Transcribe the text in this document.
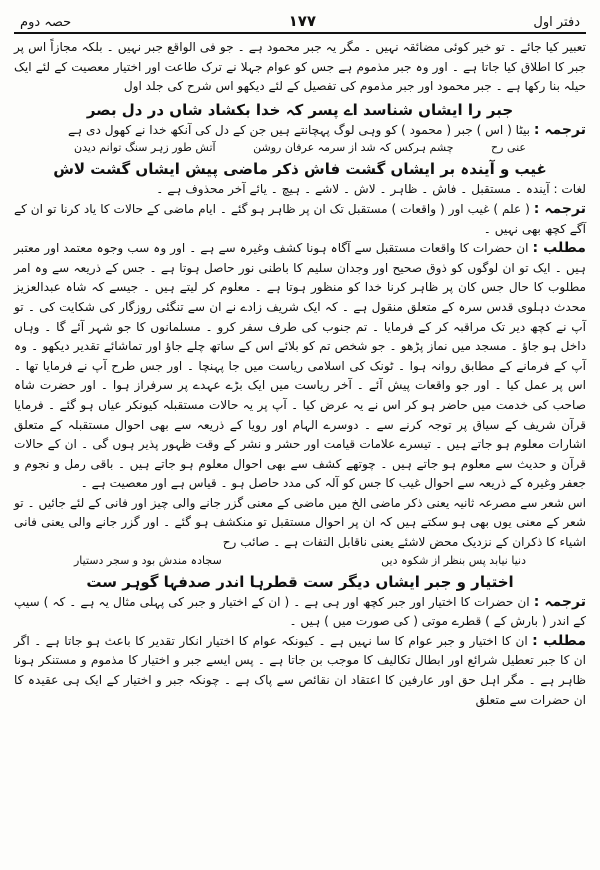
دفتر اول
۱۷۷
حصہ دوم

تعبیر کیا جائے ۔ تو خیر کوئی مضائقہ نہیں ۔ مگر یہ جبر محمود ہے ۔ جو فی الواقع جبر نہیں ۔ بلکہ مجازاً اس پر جبر کا اطلاق کیا جاتا ہے ۔ اور وہ جبر مذموم ہے جس کو عوام جہلا نے ترک طاعت اور اختیار معصیت کے لئے ایک حیلہ بنا رکھا ہے ۔ جبر محمود اور جبر مذموم کی تفصیل کے لئے دیکھو اس شرح کی جلد اول

جبر را ایشاں شناسد اے پسر کہ خدا بکشاد شاں در دل بصر

ترجمہ : بیٹا ( اس ) جبر ( محمود ) کو وہی لوگ پہچانتے ہیں جن کے دل کی آنکھ خدا نے کھول دی ہے

عنی رح
چشم ہرکس کہ شد از سرمہ عرفان روشن
آتش طور زہر سنگ توانم دیدن
غیب و آیندہ بر ایشاں گشت فاش ذکر ماضی پیش ایشاں گشت لاش

لغات : آیندہ ۔ مستقبل ۔ فاش ۔ ظاہر ۔ لاش ۔ لاشے ۔ ہیچ ۔ یائے آخر محذوف ہے ۔

ترجمہ : ( علم ) غیب اور ( واقعات ) مستقبل تک ان پر ظاہر ہو گئے ۔ ایام ماضی کے حالات کا یاد کرنا تو ان کے آگے کچھ بھی نہیں ۔

مطلب : ان حضرات کا واقعات مستقبل سے آگاہ ہونا کشف وغیرہ سے ہے ۔ اور وہ سب وجوہ معتمد اور معتبر ہیں ۔ ایک تو ان لوگوں کو ذوق صحیح اور وجدان سلیم کا باطنی نور حاصل ہوتا ہے ۔ جس کے ذریعہ سے وہ امر مطلوب کا حال جس کان پر ظاہر کرنا خدا کو منظور ہوتا ہے ۔ معلوم کر لیتے ہیں ۔ جیسے کہ شاہ عبدالعزیز محدث دہلوی قدس سرہ کے متعلق منقول ہے ۔ کہ ایک شریف زادے نے ان سے تنگئی روزگار کی شکایت کی ۔ تو آپ نے کچھ دیر تک مراقبہ کر کے فرمایا ۔ تم جنوب کی طرف سفر کرو ۔ مسلمانوں کا جو شہر آئے گا ۔ وہاں داخل ہو جاؤ ۔ مسجد میں نماز پڑھو ۔ جو شخص تم کو بلائے اس کے ساتھ چلے جاؤ اور تماشائے تقدیر دیکھو ۔ وہ آپ کے فرمانے کے مطابق روانہ ہوا ۔ ٹونک کی اسلامی ریاست میں جا پہنچا ۔ اور جس طرح آپ نے فرمایا تھا ۔ اس پر عمل کیا ۔ اور جو واقعات پیش آئے ۔ آخر ریاست میں ایک بڑے عہدے پر سرفراز ہوا ۔ اور حضرت شاہ صاحب کی خدمت میں حاضر ہو کر اس نے یہ عرض کیا ۔ آپ پر یہ حالات مستقبلہ کیونکر عیاں ہو گئے ۔ فرمایا قرآن شریف کے سیاق پر توجہ کرنے سے ۔ دوسرے الہام اور رویا کے ذریعہ سے بھی احوال مستقبلہ کے متعلق اشارات معلوم ہو جاتے ہیں ۔ تیسرے علامات قیامت اور حشر و نشر کے وقت ظہور پذیر ہوں گی ۔ ان کے حالات قرآن و حدیث سے معلوم ہو جاتے ہیں ۔ چوتھے کشف سے بھی احوال معلوم ہو جاتے ہیں ۔ باقی رمل و نجوم و جعفر وغیرہ کے ذریعہ سے احوال غیب کا جس کو آلہ کی مدد حاصل ہو ۔ قیاس ہے اور معصیت ہے ۔

اس شعر سے مصرعہ ثانیہ یعنی ذکر ماضی الخ میں ماضی کے معنی گزر جانے والی چیز اور فانی کے لئے جائیں ۔ تو شعر کے معنی یوں بھی ہو سکتے ہیں کہ ان پر احوال مستقبل تو منکشف ہو گئے ۔ اور گزر جانے والی یعنی فانی اشیاء کا ذکران کے نزدیک محض لاشئے یعنی ناقابل التفات ہے ۔ صائب رح

دنیا نیابد پس بنظر از شکوہ دیں
سجادہ مندش بود و سجر دستیار
اختیار و جبر ایشاں دیگر ست قطرہا اندر صدفہا گوہر ست

ترجمہ : ان حضرات کا اختیار اور جبر کچھ اور ہی ہے ۔ ( ان کے اختیار و جبر کی پہلی مثال یہ ہے ۔ کہ ) سیپ کے اندر ( بارش کے ) قطرے موتی ( کی صورت میں ) ہیں ۔

مطلب : ان کا اختیار و جبر عوام کا سا نہیں ہے ۔ کیونکہ عوام کا اختیار انکار تقدیر کا باعث ہو جاتا ہے ۔ اگر ان کا جبر تعطیل شرائع اور ابطال تکالیف کا موجب بن جاتا ہے ۔ پس ایسے جبر و اختیار کا مذموم و مستنکر ہونا ظاہر ہے ۔ مگر اہل حق اور عارفین کا اعتقاد ان نقائص سے پاک ہے ۔ چونکہ جبر و اختیار کے ایک ہی عقیدہ کا ان حضرات سے متعلق
